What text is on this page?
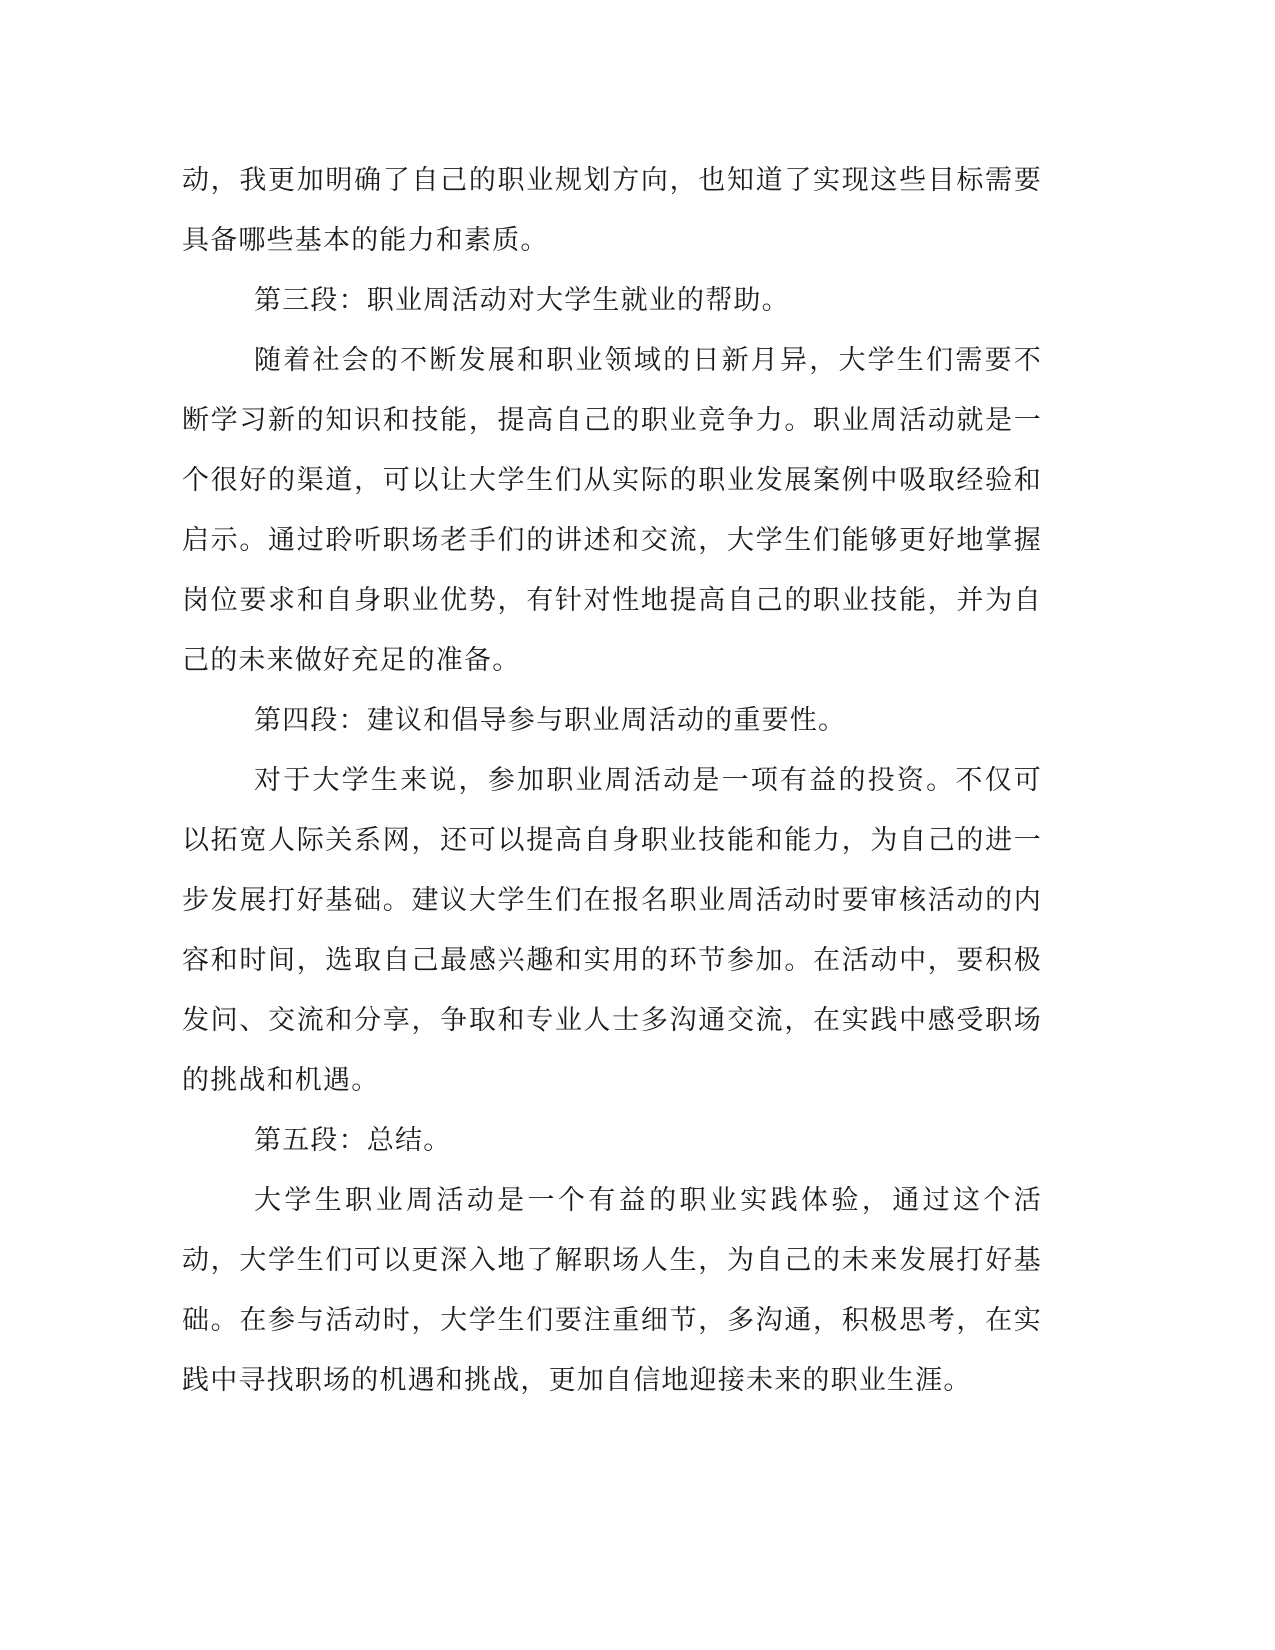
动，我更加明确了自己的职业规划方向，也知道了实现这些目标需要具备哪些基本的能力和素质。

第三段：职业周活动对大学生就业的帮助。

随着社会的不断发展和职业领域的日新月异，大学生们需要不断学习新的知识和技能，提高自己的职业竞争力。职业周活动就是一个很好的渠道，可以让大学生们从实际的职业发展案例中吸取经验和启示。通过聆听职场老手们的讲述和交流，大学生们能够更好地掌握岗位要求和自身职业优势，有针对性地提高自己的职业技能，并为自己的未来做好充足的准备。

第四段：建议和倡导参与职业周活动的重要性。

对于大学生来说，参加职业周活动是一项有益的投资。不仅可以拓宽人际关系网，还可以提高自身职业技能和能力，为自己的进一步发展打好基础。建议大学生们在报名职业周活动时要审核活动的内容和时间，选取自己最感兴趣和实用的环节参加。在活动中，要积极发问、交流和分享，争取和专业人士多沟通交流，在实践中感受职场的挑战和机遇。

第五段：总结。

大学生职业周活动是一个有益的职业实践体验，通过这个活动，大学生们可以更深入地了解职场人生，为自己的未来发展打好基础。在参与活动时，大学生们要注重细节，多沟通，积极思考，在实践中寻找职场的机遇和挑战，更加自信地迎接未来的职业生涯。
